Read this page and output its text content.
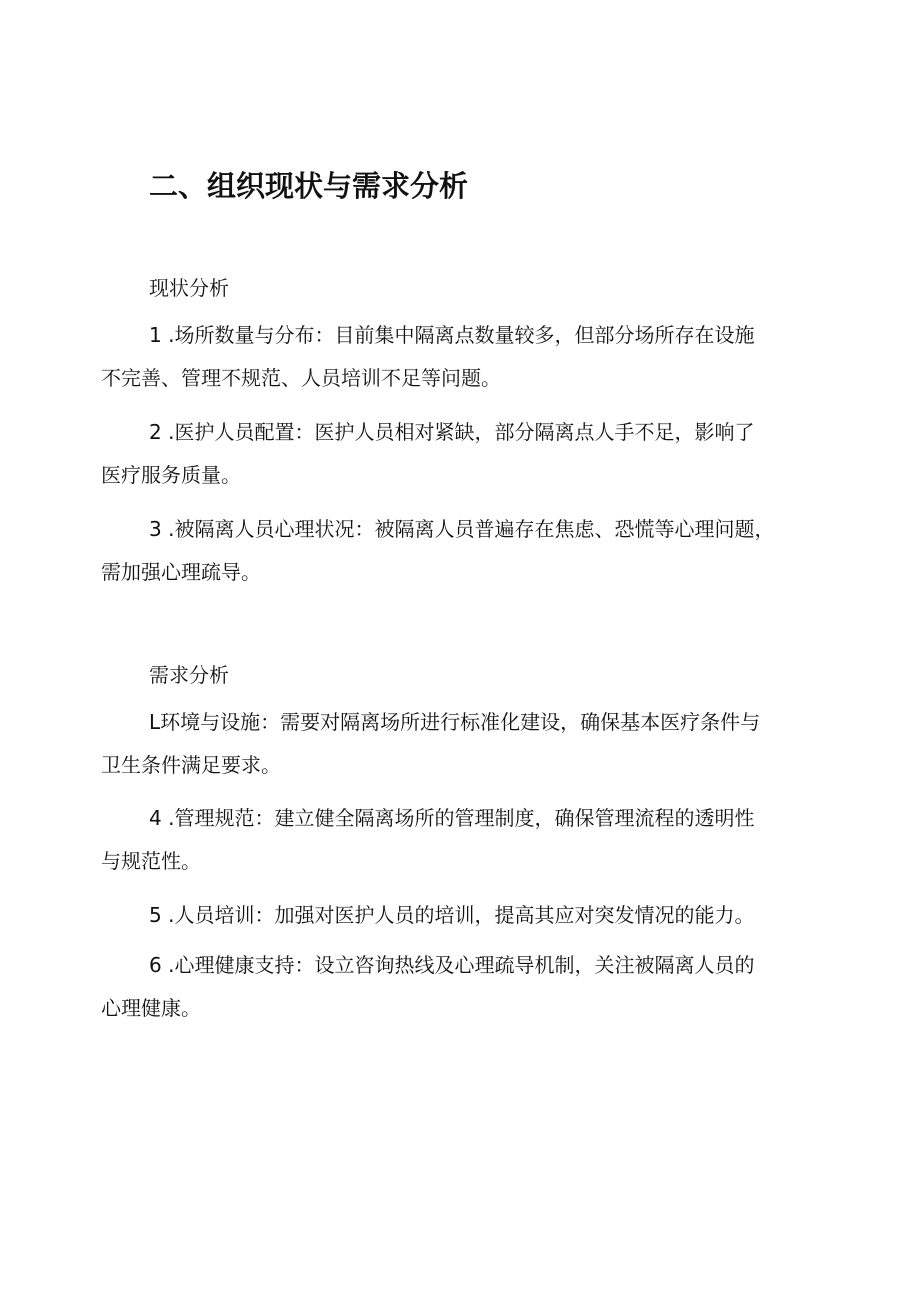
二、组织现状与需求分析
现状分析
1 .场所数量与分布：目前集中隔离点数量较多，但部分场所存在设施
不完善、管理不规范、人员培训不足等问题。
2 .医护人员配置：医护人员相对紧缺，部分隔离点人手不足，影响了
医疗服务质量。
3 .被隔离人员心理状况：被隔离人员普遍存在焦虑、恐慌等心理问题，
需加强心理疏导。
需求分析
L环境与设施：需要对隔离场所进行标准化建设，确保基本医疗条件与
卫生条件满足要求。
4 .管理规范：建立健全隔离场所的管理制度，确保管理流程的透明性
与规范性。
5 .人员培训：加强对医护人员的培训，提高其应对突发情况的能力。
6 .心理健康支持：设立咨询热线及心理疏导机制，关注被隔离人员的
心理健康。
